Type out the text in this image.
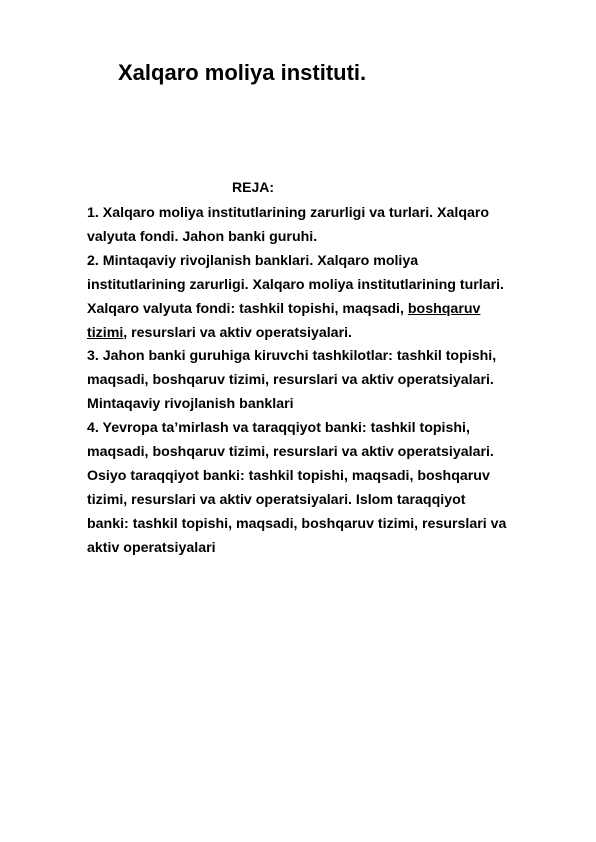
Xalqaro moliya instituti.
REJA:
1. Xalqaro moliya institutlarining zarurligi va turlari. Xalqaro
valyuta fondi. Jahon banki guruhi.
2. Mintaqaviy rivojlanish banklari. Xalqaro moliya
institutlarining zarurligi. Xalqaro moliya institutlarining turlari.
Xalqaro valyuta fondi: tashkil topishi, maqsadi, boshqaruv
tizimi, resurslari va aktiv operatsiyalari.
3. Jahon banki guruhiga kiruvchi tashkilotlar: tashkil topishi,
maqsadi, boshqaruv tizimi, resurslari va aktiv operatsiyalari.
Mintaqaviy rivojlanish banklari
4. Yevropa ta’mirlash va taraqqiyot banki: tashkil topishi,
maqsadi, boshqaruv tizimi, resurslari va aktiv operatsiyalari.
Osiyo taraqqiyot banki: tashkil topishi, maqsadi, boshqaruv
tizimi, resurslari va aktiv operatsiyalari. Islom taraqqiyot
banki: tashkil topishi, maqsadi, boshqaruv tizimi, resurslari va
aktiv operatsiyalari
